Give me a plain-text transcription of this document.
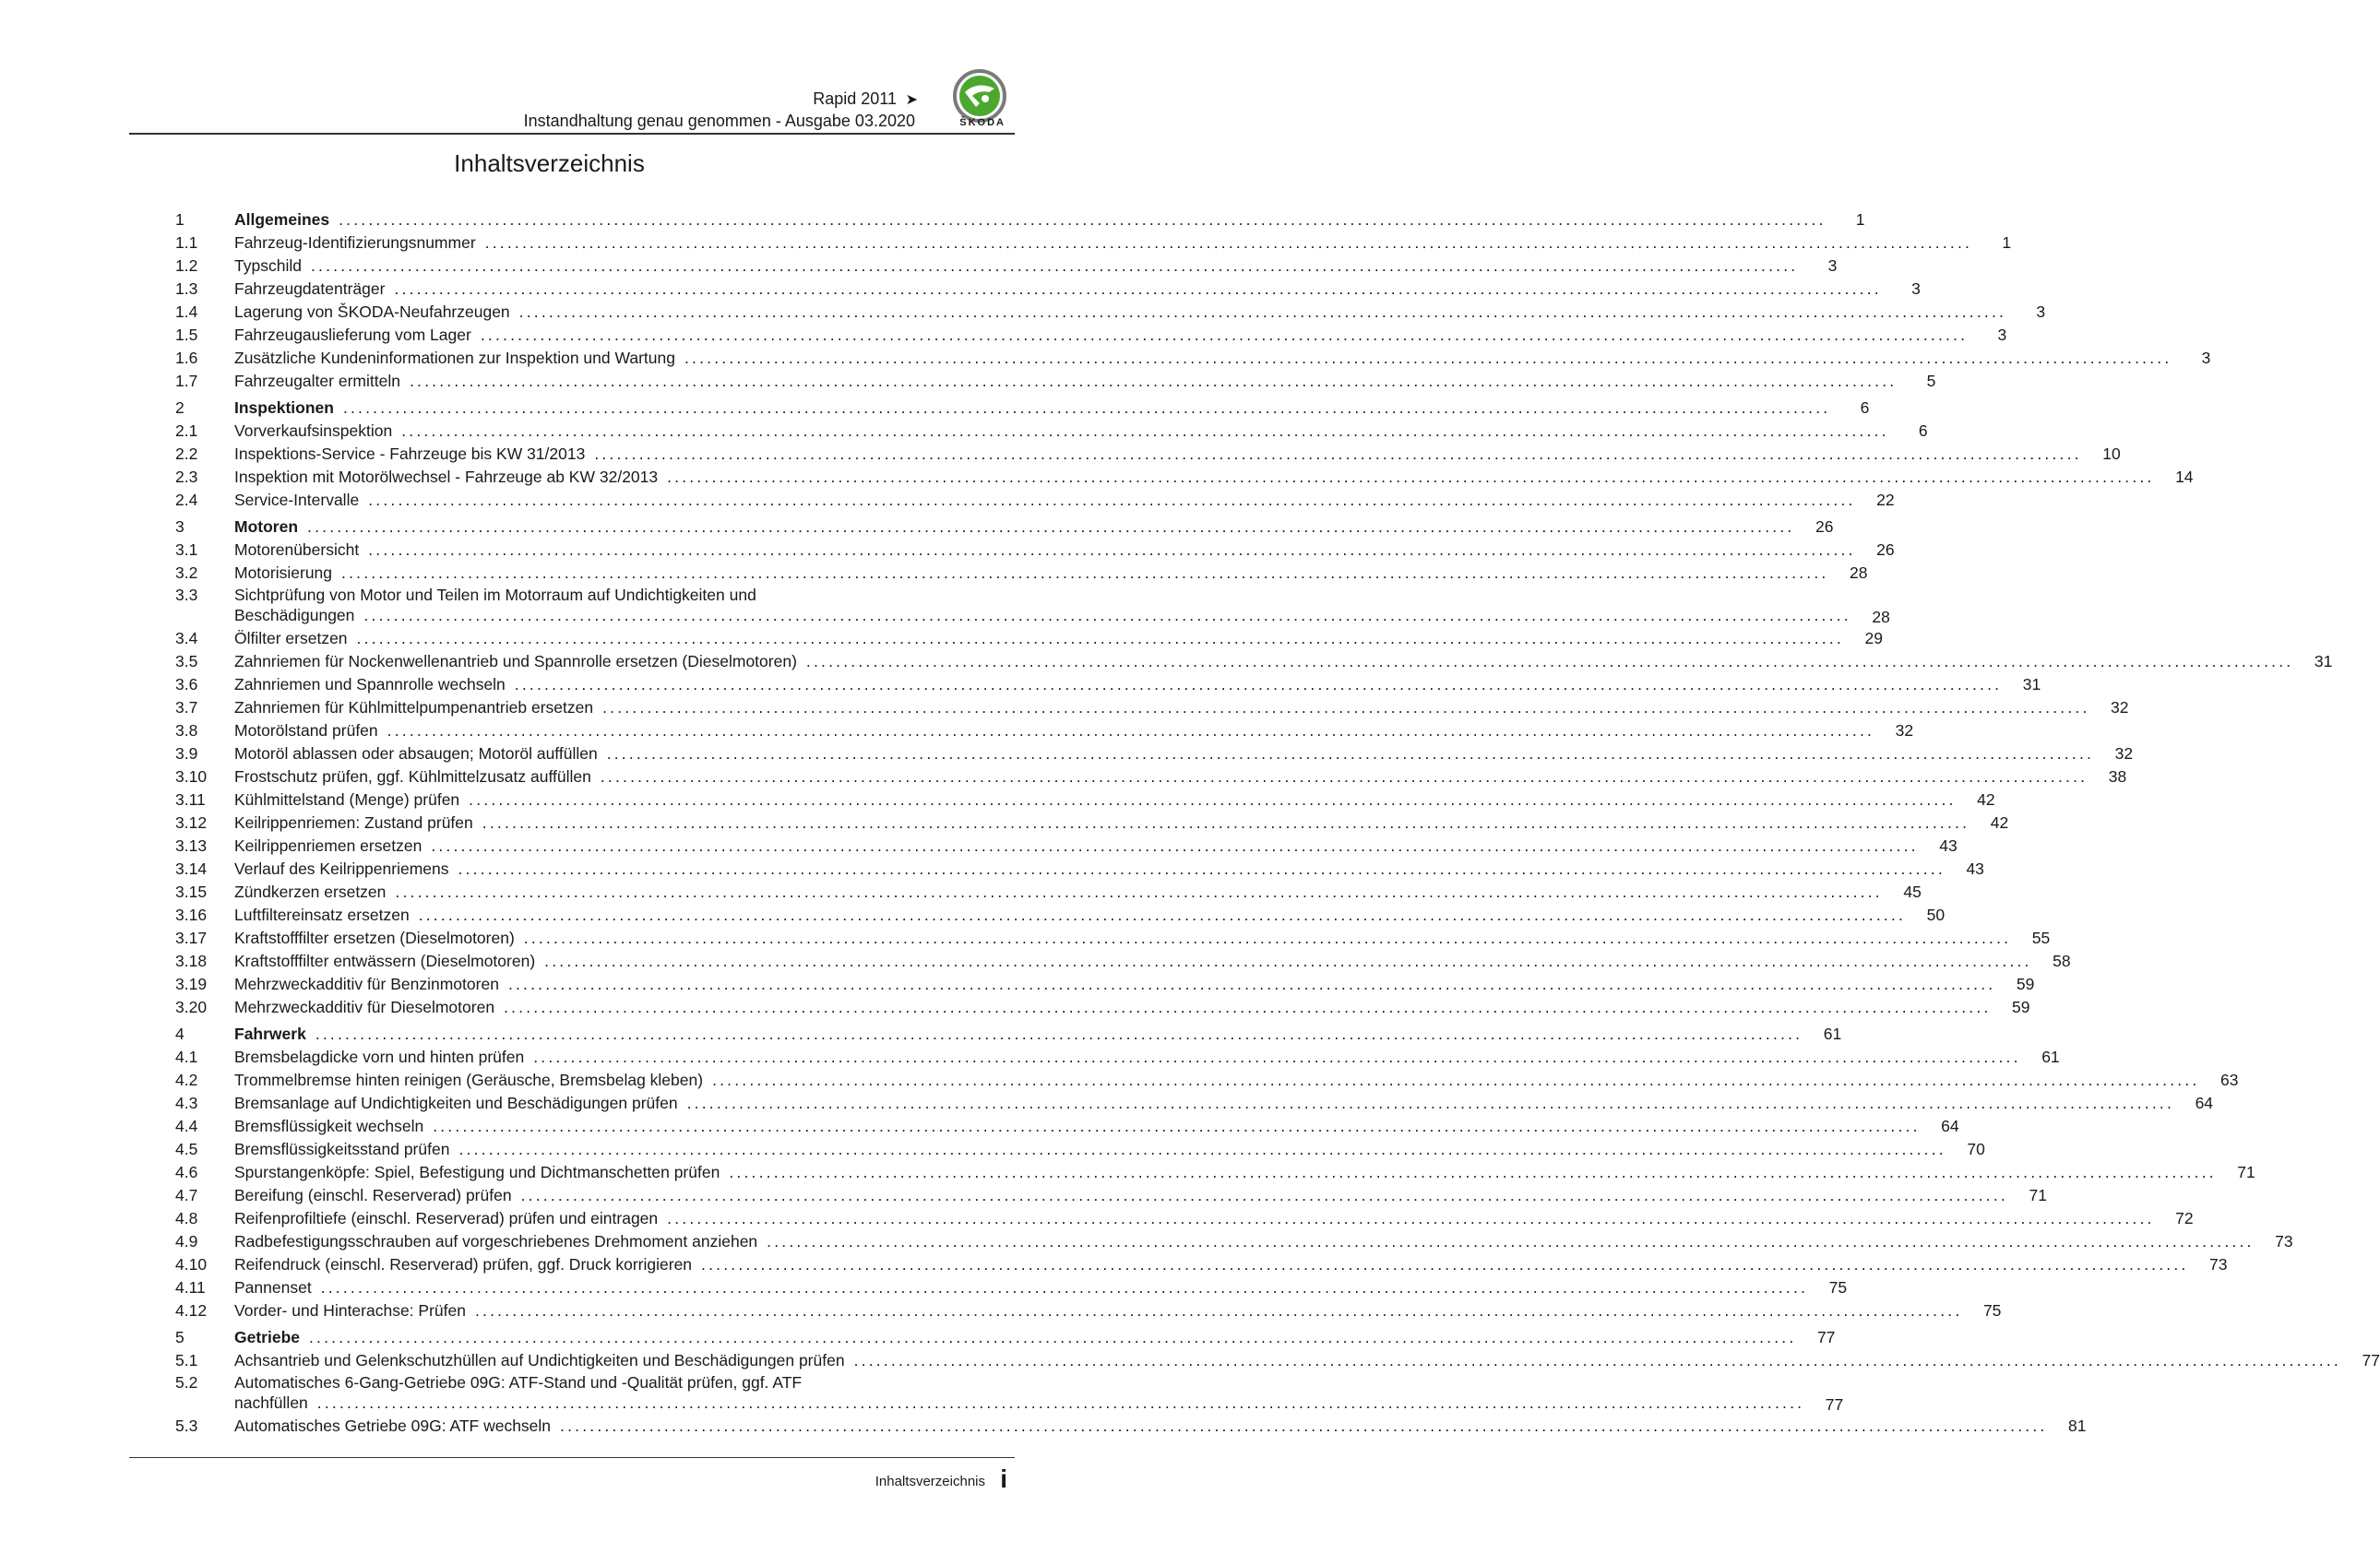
Rapid 2011 ➤
Instandhaltung genau genommen - Ausgabe 03.2020	ŠKODA
Inhaltsverzeichnis
1	Allgemeines ........................................................................................................................................................................................................	1
1.1	Fahrzeug-Identifizierungsnummer ........................................................................................................................................................................................................	1
1.2	Typschild ........................................................................................................................................................................................................	3
1.3	Fahrzeugdatenträger ........................................................................................................................................................................................................	3
1.4	Lagerung von ŠKODA-Neufahrzeugen ........................................................................................................................................................................................................	3
1.5	Fahrzeugauslieferung vom Lager ........................................................................................................................................................................................................	3
1.6	Zusätzliche Kundeninformationen zur Inspektion und Wartung ........................................................................................................................................................................................................	3
1.7	Fahrzeugalter ermitteln ........................................................................................................................................................................................................	5
2	Inspektionen ........................................................................................................................................................................................................	6
2.1	Vorverkaufsinspektion ........................................................................................................................................................................................................	6
2.2	Inspektions-Service - Fahrzeuge bis KW 31/2013 ........................................................................................................................................................................................................	10
2.3	Inspektion mit Motorölwechsel - Fahrzeuge ab KW 32/2013 ........................................................................................................................................................................................................	14
2.4	Service-Intervalle ........................................................................................................................................................................................................	22
3	Motoren ........................................................................................................................................................................................................	26
3.1	Motorenübersicht ........................................................................................................................................................................................................	26
3.2	Motorisierung ........................................................................................................................................................................................................	28
3.3	Sichtprüfung von Motor und Teilen im Motorraum auf Undichtigkeiten und
Beschädigungen ........................................................................................................................................................................................................	28
3.4	Ölfilter ersetzen ........................................................................................................................................................................................................	29
3.5	Zahnriemen für Nockenwellenantrieb und Spannrolle ersetzen (Dieselmotoren) ........................................................................................................................................................................................................	31
3.6	Zahnriemen und Spannrolle wechseln ........................................................................................................................................................................................................	31
3.7	Zahnriemen für Kühlmittelpumpenantrieb ersetzen ........................................................................................................................................................................................................	32
3.8	Motorölstand prüfen ........................................................................................................................................................................................................	32
3.9	Motoröl ablassen oder absaugen; Motoröl auffüllen ........................................................................................................................................................................................................	32
3.10	Frostschutz prüfen, ggf. Kühlmittelzusatz auffüllen ........................................................................................................................................................................................................	38
3.11	Kühlmittelstand (Menge) prüfen ........................................................................................................................................................................................................	42
3.12	Keilrippenriemen: Zustand prüfen ........................................................................................................................................................................................................	42
3.13	Keilrippenriemen ersetzen ........................................................................................................................................................................................................	43
3.14	Verlauf des Keilrippenriemens ........................................................................................................................................................................................................	43
3.15	Zündkerzen ersetzen ........................................................................................................................................................................................................	45
3.16	Luftfiltereinsatz ersetzen ........................................................................................................................................................................................................	50
3.17	Kraftstofffilter ersetzen (Dieselmotoren) ........................................................................................................................................................................................................	55
3.18	Kraftstofffilter entwässern (Dieselmotoren) ........................................................................................................................................................................................................	58
3.19	Mehrzweckadditiv für Benzinmotoren ........................................................................................................................................................................................................	59
3.20	Mehrzweckadditiv für Dieselmotoren ........................................................................................................................................................................................................	59
4	Fahrwerk ........................................................................................................................................................................................................	61
4.1	Bremsbelagdicke vorn und hinten prüfen ........................................................................................................................................................................................................	61
4.2	Trommelbremse hinten reinigen (Geräusche, Bremsbelag kleben) ........................................................................................................................................................................................................	63
4.3	Bremsanlage auf Undichtigkeiten und Beschädigungen prüfen ........................................................................................................................................................................................................	64
4.4	Bremsflüssigkeit wechseln ........................................................................................................................................................................................................	64
4.5	Bremsflüssigkeitsstand prüfen ........................................................................................................................................................................................................	70
4.6	Spurstangenköpfe: Spiel, Befestigung und Dichtmanschetten prüfen ........................................................................................................................................................................................................	71
4.7	Bereifung (einschl. Reserverad) prüfen ........................................................................................................................................................................................................	71
4.8	Reifenprofiltiefe (einschl. Reserverad) prüfen und eintragen ........................................................................................................................................................................................................	72
4.9	Radbefestigungsschrauben auf vorgeschriebenes Drehmoment anziehen ........................................................................................................................................................................................................	73
4.10	Reifendruck (einschl. Reserverad) prüfen, ggf. Druck korrigieren ........................................................................................................................................................................................................	73
4.11	Pannenset ........................................................................................................................................................................................................	75
4.12	Vorder- und Hinterachse: Prüfen ........................................................................................................................................................................................................	75
5	Getriebe ........................................................................................................................................................................................................	77
5.1	Achsantrieb und Gelenkschutzhüllen auf Undichtigkeiten und Beschädigungen prüfen ........................................................................................................................................................................................................	77
5.2	Automatisches 6-Gang-Getriebe 09G: ATF-Stand und -Qualität prüfen, ggf. ATF
nachfüllen ........................................................................................................................................................................................................	77
5.3	Automatisches Getriebe 09G: ATF wechseln ........................................................................................................................................................................................................	81
Inhaltsverzeichnis i
